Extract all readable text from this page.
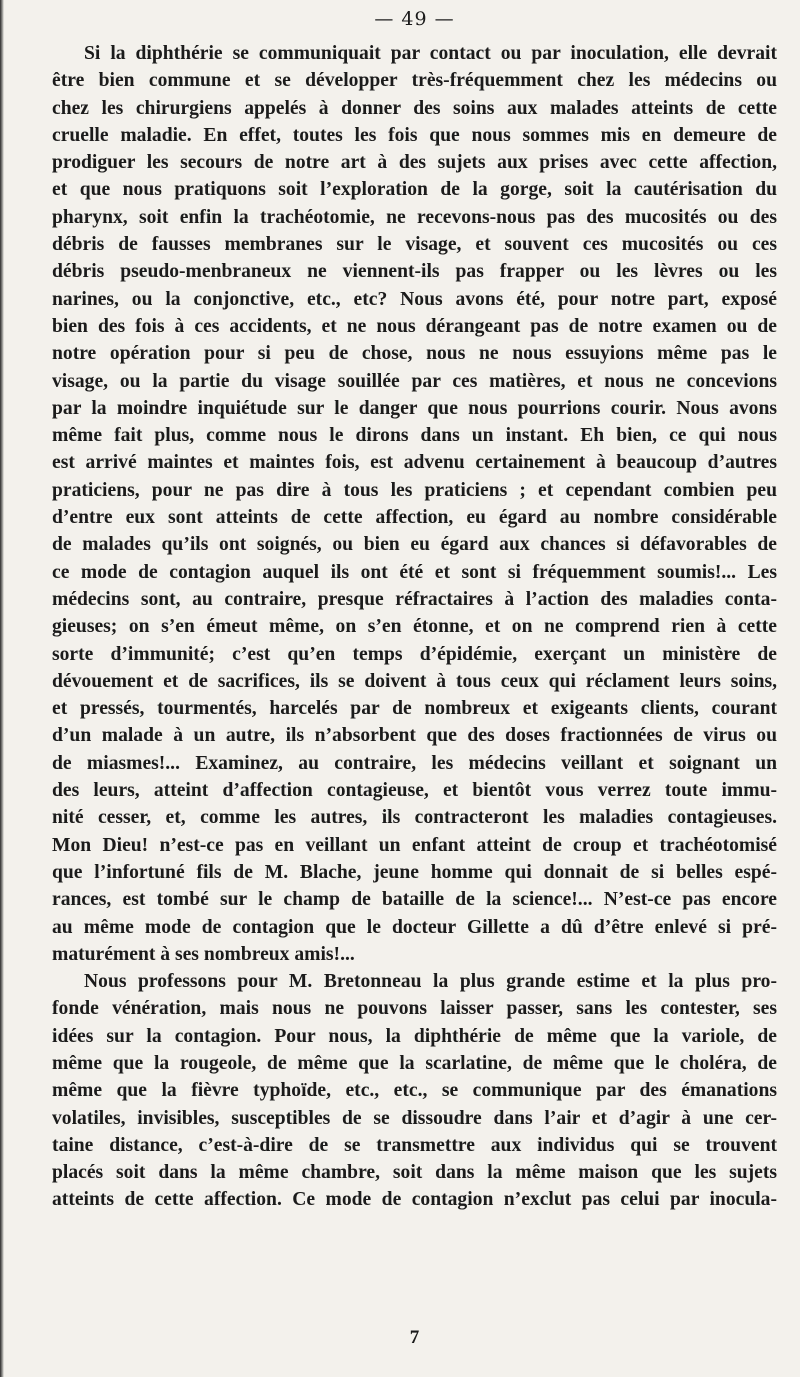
— 49 —
Si la diphthérie se communiquait par contact ou par inoculation, elle devrait
être bien commune et se développer très-fréquemment chez les médecins ou
chez les chirurgiens appelés à donner des soins aux malades atteints de cette
cruelle maladie. En effet, toutes les fois que nous sommes mis en demeure de
prodiguer les secours de notre art à des sujets aux prises avec cette affection,
et que nous pratiquons soit l’exploration de la gorge, soit la cautérisation du
pharynx, soit enfin la trachéotomie, ne recevons-nous pas des mucosités ou des
débris de fausses membranes sur le visage, et souvent ces mucosités ou ces
débris pseudo-menbraneux ne viennent-ils pas frapper ou les lèvres ou les
narines, ou la conjonctive, etc., etc? Nous avons été, pour notre part, exposé
bien des fois à ces accidents, et ne nous dérangeant pas de notre examen ou de
notre opération pour si peu de chose, nous ne nous essuyions même pas le
visage, ou la partie du visage souillée par ces matières, et nous ne concevions
par la moindre inquiétude sur le danger que nous pourrions courir. Nous avons
même fait plus, comme nous le dirons dans un instant. Eh bien, ce qui nous
est arrivé maintes et maintes fois, est advenu certainement à beaucoup d’autres
praticiens, pour ne pas dire à tous les praticiens ; et cependant combien peu
d’entre eux sont atteints de cette affection, eu égard au nombre considérable
de malades qu’ils ont soignés, ou bien eu égard aux chances si défavorables de
ce mode de contagion auquel ils ont été et sont si fréquemment soumis!... Les
médecins sont, au contraire, presque réfractaires à l’action des maladies conta-
gieuses; on s’en émeut même, on s’en étonne, et on ne comprend rien à cette
sorte d’immunité; c’est qu’en temps d’épidémie, exerçant un ministère de
dévouement et de sacrifices, ils se doivent à tous ceux qui réclament leurs soins,
et pressés, tourmentés, harcelés par de nombreux et exigeants clients, courant
d’un malade à un autre, ils n’absorbent que des doses fractionnées de virus ou
de miasmes!... Examinez, au contraire, les médecins veillant et soignant un
des leurs, atteint d’affection contagieuse, et bientôt vous verrez toute immu-
nité cesser, et, comme les autres, ils contracteront les maladies contagieuses.
Mon Dieu! n’est-ce pas en veillant un enfant atteint de croup et trachéotomisé
que l’infortuné fils de M. Blache, jeune homme qui donnait de si belles espé-
rances, est tombé sur le champ de bataille de la science!... N’est-ce pas encore
au même mode de contagion que le docteur Gillette a dû d’être enlevé si pré-
maturément à ses nombreux amis!...
Nous professons pour M. Bretonneau la plus grande estime et la plus pro-
fonde vénération, mais nous ne pouvons laisser passer, sans les contester, ses
idées sur la contagion. Pour nous, la diphthérie de même que la variole, de
même que la rougeole, de même que la scarlatine, de même que le choléra, de
même que la fièvre typhoïde, etc., etc., se communique par des émanations
volatiles, invisibles, susceptibles de se dissoudre dans l’air et d’agir à une cer-
taine distance, c’est-à-dire de se transmettre aux individus qui se trouvent
placés soit dans la même chambre, soit dans la même maison que les sujets
atteints de cette affection. Ce mode de contagion n’exclut pas celui par inocula-
7
